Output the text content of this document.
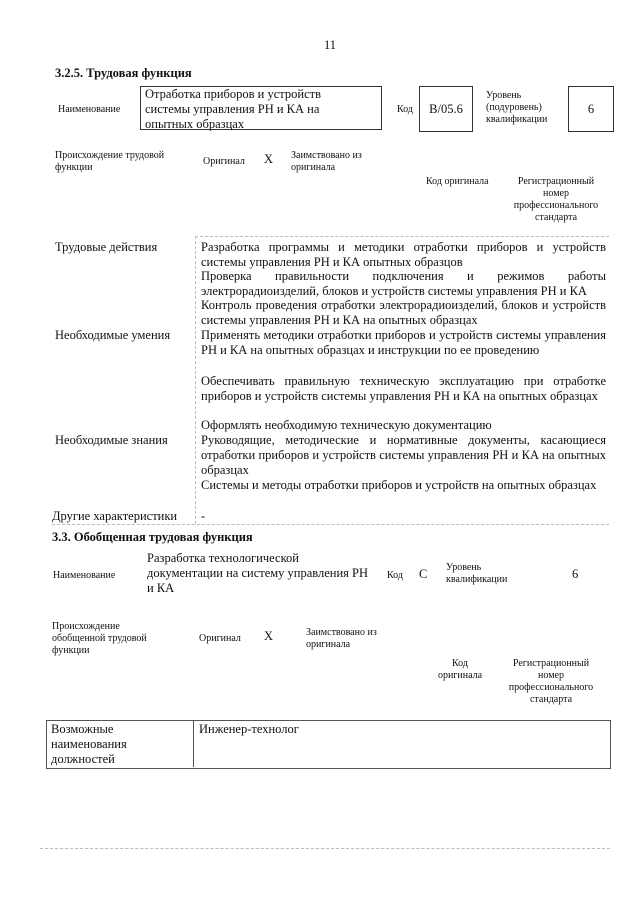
11
3.2.5. Трудовая функция
Наименование
Отработка приборов и устройств системы управления РН и КА на опытных образцах
Код	B/05.6
Уровень (подуровень) квалификации
6
Происхождение трудовой функции
Оригинал X Заимствовано из оригинала
Код оригинала	Регистрационный номер профессионального стандарта
Трудовые действия	Разработка программы и методики отработки приборов и устройств системы управления РН и КА опытных образцов
Проверка правильности подключения и режимов работы электрорадиоизделий, блоков и устройств системы управления РН и КА
Контроль проведения отработки электрорадиоизделий, блоков и устройств системы управления РН и КА на опытных образцах
Необходимые умения Применять методики отработки приборов и устройств системы управления РН и КА на опытных образцах и инструкции по ее проведению
Обеспечивать правильную техническую эксплуатацию при отработке приборов и устройств системы управления РН и КА на опытных образцах
Оформлять необходимую техническую документацию
Необходимые знания	Руководящие, методические и нормативные документы, касающиеся отработки приборов и устройств системы управления РН и КА на опытных образцах
Системы и методы отработки приборов и устройств на опытных образцах
Другие характеристики -
3.3. Обобщенная трудовая функция
Наименование
Разработка технологической документации на систему управления РН и КА
Код C Уровень квалификации	6
Происхождение обобщенной трудовой функции
Оригинал X	Заимствовано из оригинала
Код оригинала
Регистрационный номер профессионального стандарта
Возможные наименования должностей
Инженер-технолог
